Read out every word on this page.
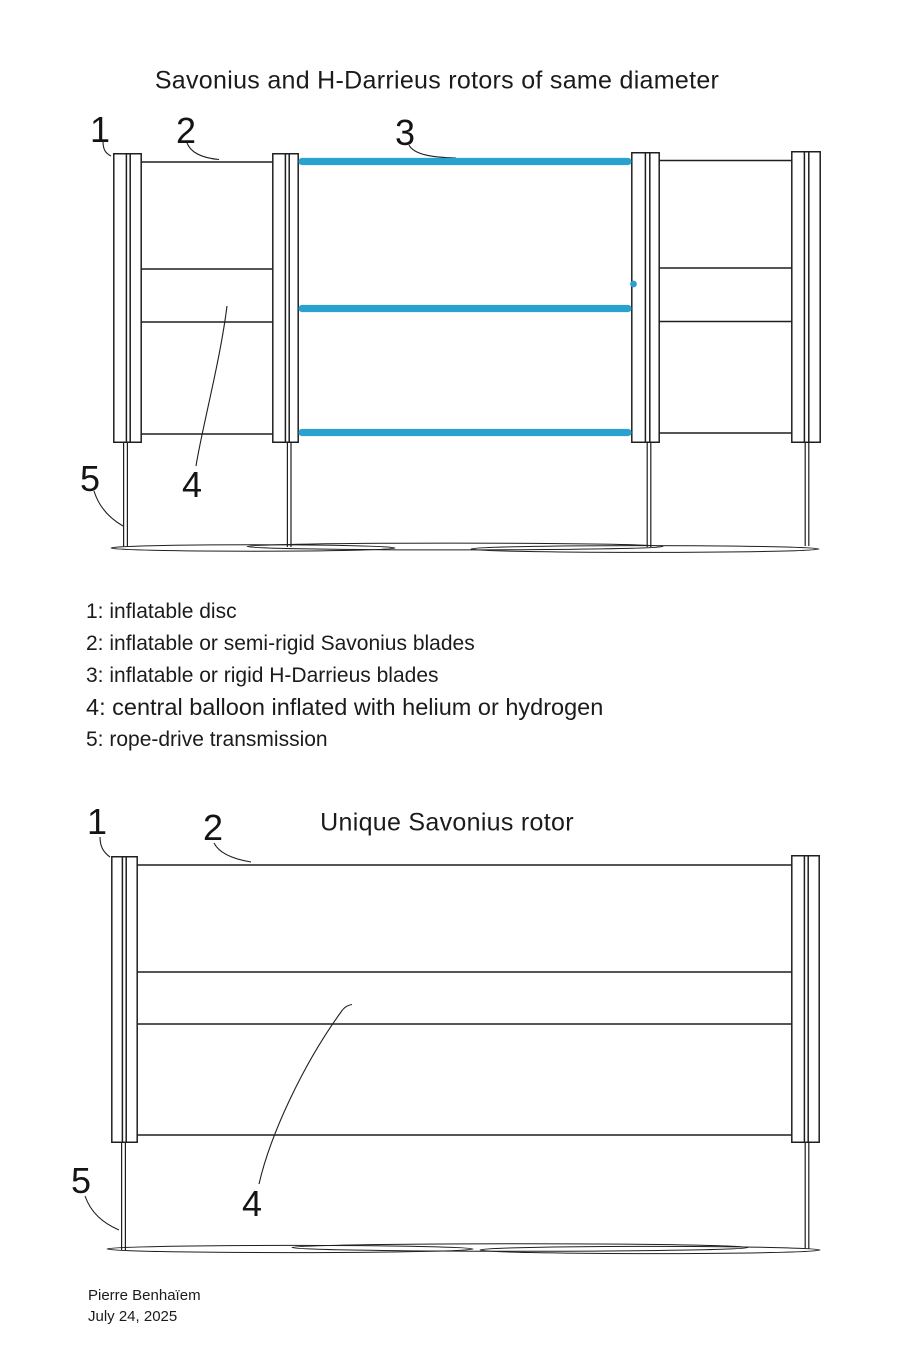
Savonius and H-Darrieus rotors of same diameter
Unique Savonius rotor
1 2	3
5 4
1	2
5
4
1: inflatable disc
2: inflatable or semi-rigid Savonius blades
3: inflatable or rigid H-Darrieus blades
4: central balloon inflated with helium or hydrogen
5: rope-drive transmission
Pierre Benhaïem
July 24, 2025
